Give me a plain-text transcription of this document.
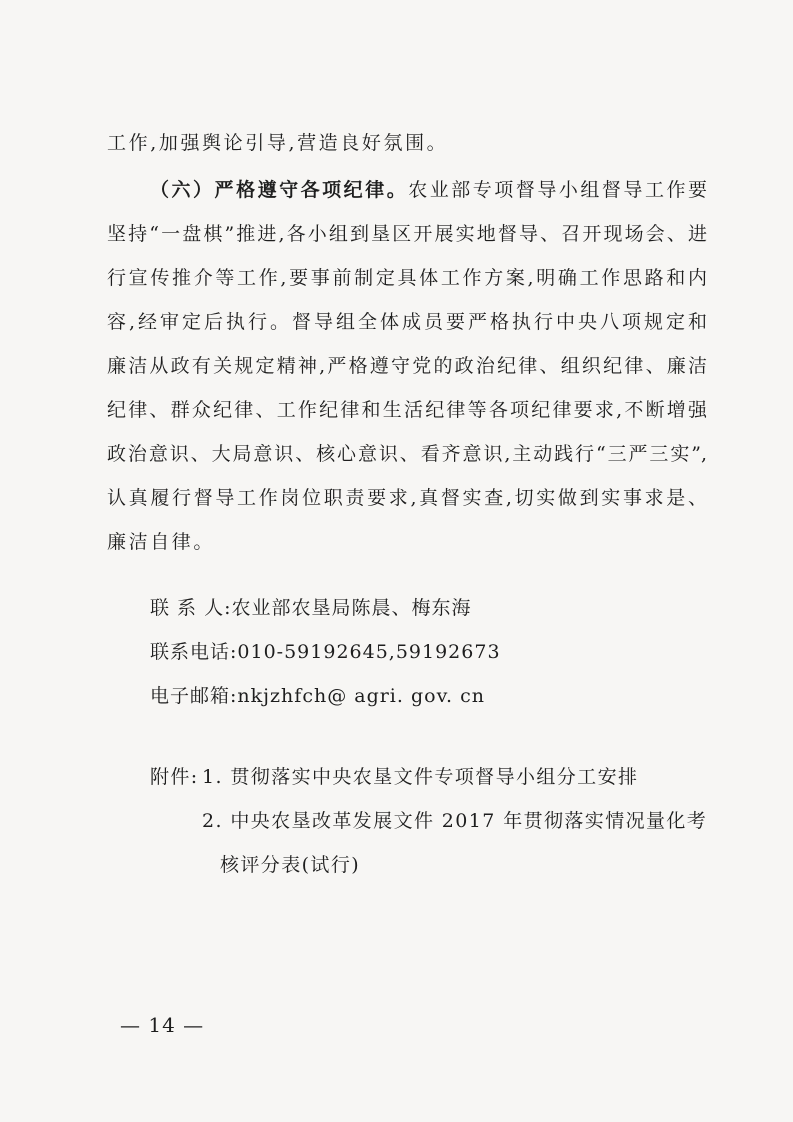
工作,加强舆论引导,营造良好氛围。
（六）严格遵守各项纪律。农业部专项督导小组督导工作要
坚持“一盘棋”推进,各小组到垦区开展实地督导、召开现场会、进
行宣传推介等工作,要事前制定具体工作方案,明确工作思路和内
容,经审定后执行。督导组全体成员要严格执行中央八项规定和
廉洁从政有关规定精神,严格遵守党的政治纪律、组织纪律、廉洁
纪律、群众纪律、工作纪律和生活纪律等各项纪律要求,不断增强
政治意识、大局意识、核心意识、看齐意识,主动践行“三严三实”,
认真履行督导工作岗位职责要求,真督实查,切实做到实事求是、
廉洁自律。
联 系 人:农业部农垦局陈晨、梅东海
联系电话:010-59192645,59192673
电子邮箱:nkjzhfch@ agri. gov. cn
附件: 1. 贯彻落实中央农垦文件专项督导小组分工安排
2. 中央农垦改革发展文件 2017 年贯彻落实情况量化考
核评分表(试行)
— 14 —
